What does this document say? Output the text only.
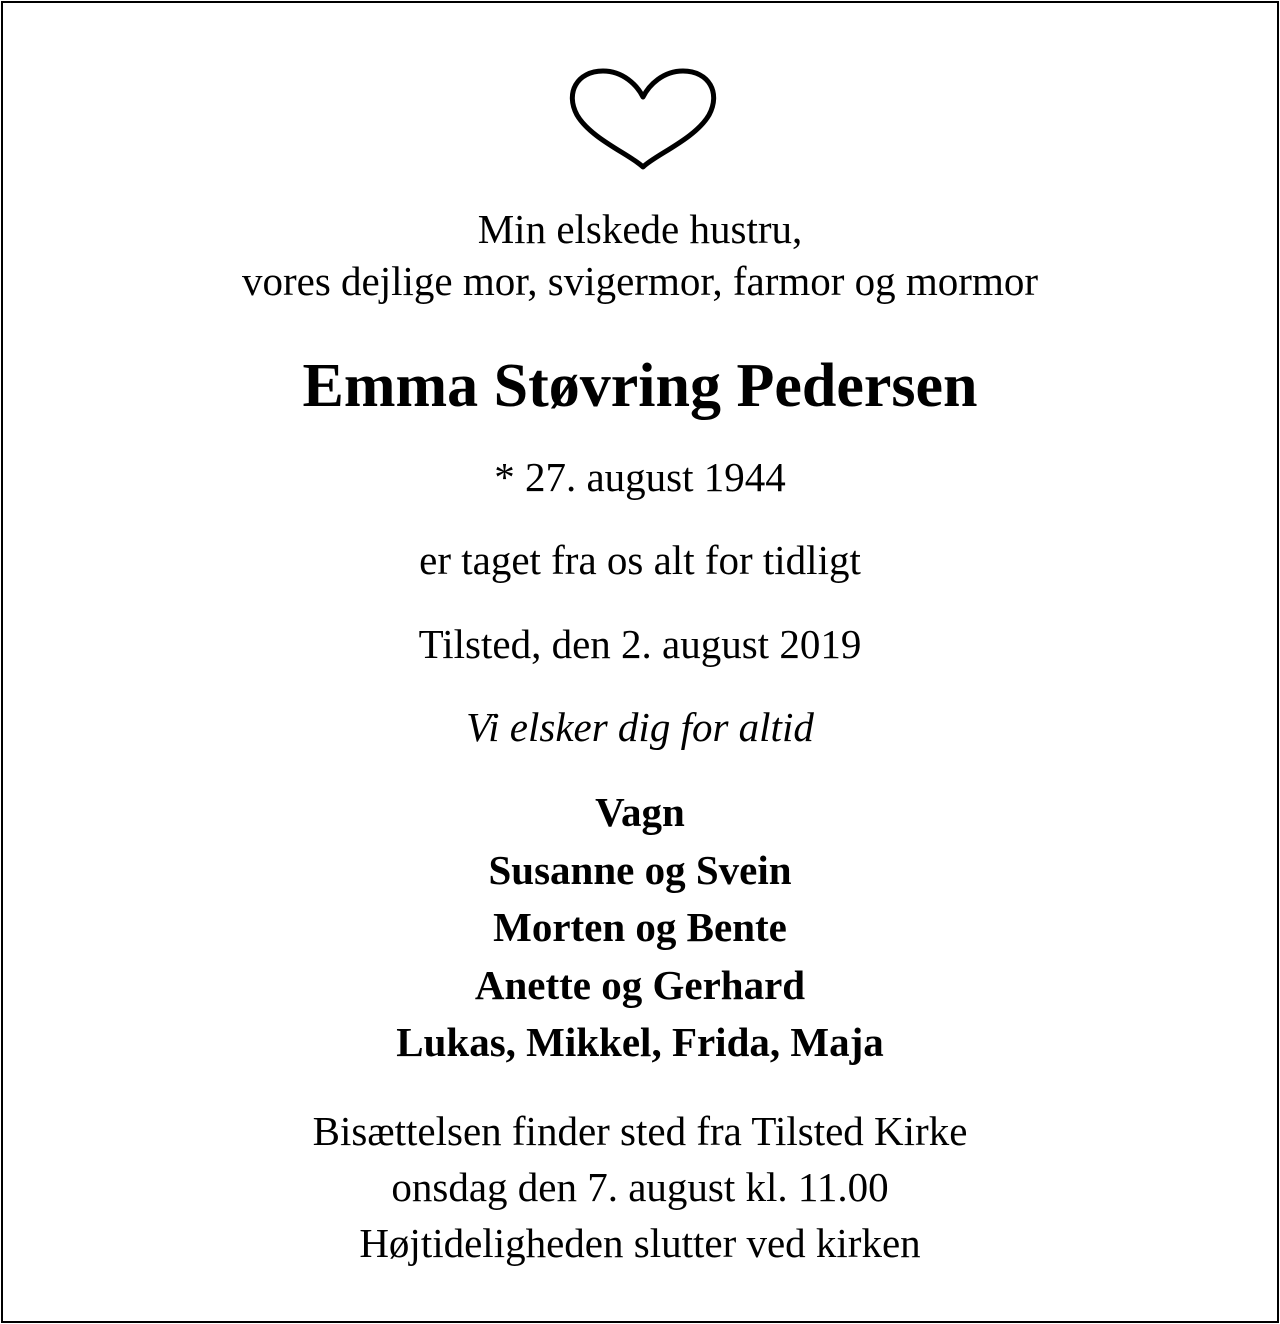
Min elskede hustru,
vores dejlige mor, svigermor, farmor og mormor
Emma Støvring Pedersen
* 27. august 1944
er taget fra os alt for tidligt
Tilsted, den 2. august 2019
Vi elsker dig for altid
Vagn
Susanne og Svein
Morten og Bente
Anette og Gerhard
Lukas, Mikkel, Frida, Maja
Bisættelsen finder sted fra Tilsted Kirke
onsdag den 7. august kl. 11.00
Højtideligheden slutter ved kirken
